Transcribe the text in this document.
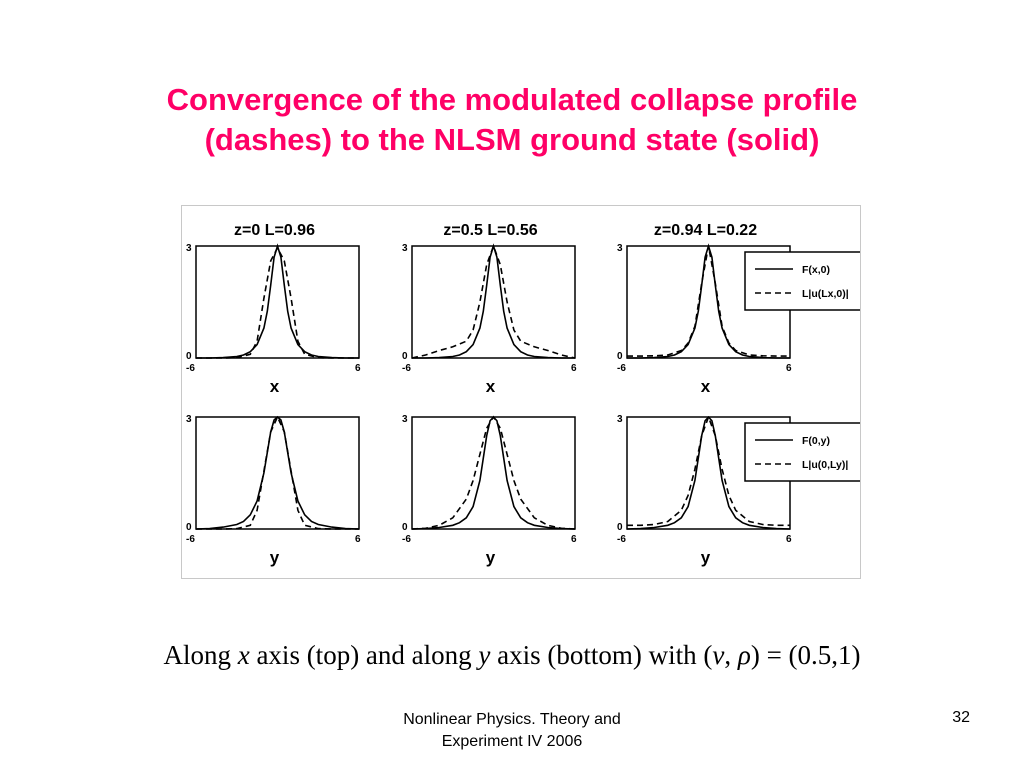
Convergence of the modulated collapse profile
(dashes) to the NLSM ground state (solid)
z=0 L=0.96
3
0
-6	6
x
z=0.5 L=0.56
3
0
-6	6
x
z=0.94 L=0.22
3
0
-6	6
x
F(x,0)
L|u(Lx,0)|
3
0
-6	6
y
3
0
-6	6
y
3
0
-6	6
y
F(0,y)
L|u(0,Ly)|
Along x axis (top) and along y axis (bottom) with (ν, ρ) = (0.5,1)
Nonlinear Physics. Theory and
Experiment IV 2006
32
